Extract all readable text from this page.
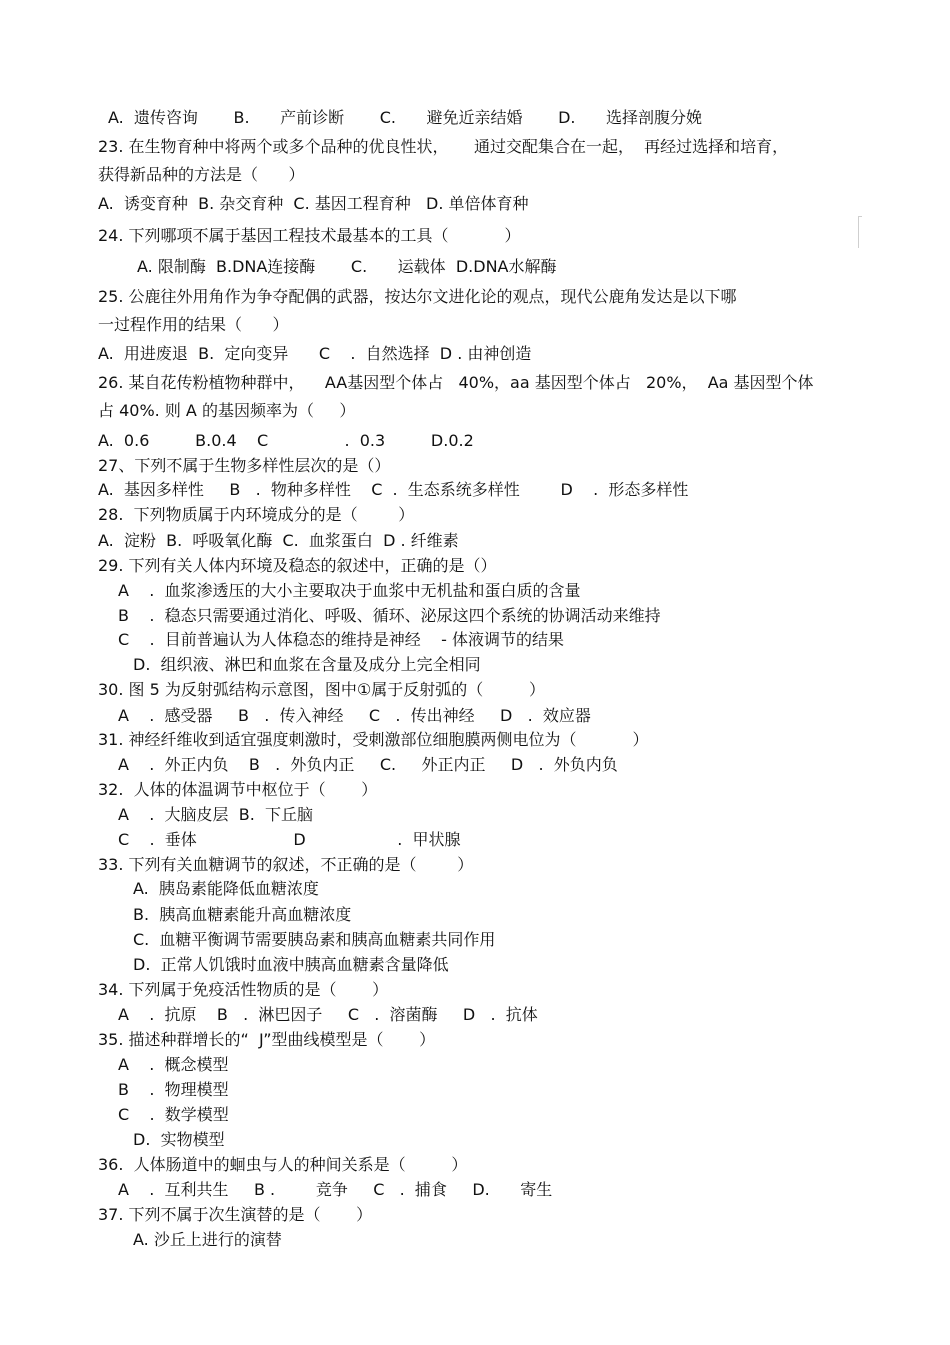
A.  遗传咨询       B.      产前诊断       C.      避免近亲结婚       D.      选择剖腹分娩
23. 在生物育种中将两个或多个品种的优良性状，     通过交配集合在一起，  再经过选择和培育，
获得新品种的方法是（      ）
A.  诱变育种  B. 杂交育种  C. 基因工程育种   D. 单倍体育种
24. 下列哪项不属于基因工程技术最基本的工具（           ）
A. 限制酶  B.DNA连接酶       C.      运载体  D.DNA水解酶
25. 公鹿往外用角作为争夺配偶的武器，按达尔文进化论的观点，现代公鹿角发达是以下哪
一过程作用的结果（      ）
A.  用进废退  B.  定向变异      C    .  自然选择  D . 由神创造
26. 某自花传粉植物种群中，    AA基因型个体占   40%，aa 基因型个体占   20%，  Aa 基因型个体
占 40%. 则 A 的基因频率为（     ）
A.  0.6         B.0.4    C               .  0.3         D.0.2
27、下列不属于生物多样性层次的是（）
A.  基因多样性     B   .  物种多样性    C  .  生态系统多样性        D    .  形态多样性
28.  下列物质属于内环境成分的是（        ）
A.  淀粉  B.  呼吸氧化酶  C.  血浆蛋白  D . 纤维素
29. 下列有关人体内环境及稳态的叙述中，正确的是（）
A    .  血浆渗透压的大小主要取决于血浆中无机盐和蛋白质的含量
B    .  稳态只需要通过消化、呼吸、循环、泌尿这四个系统的协调活动来维持
C    .  目前普遍认为人体稳态的维持是神经    - 体液调节的结果
D.  组织液、淋巴和血浆在含量及成分上完全相同
30. 图 5 为反射弧结构示意图，图中①属于反射弧的（         ）
A    .  感受器     B   .  传入神经     C   .  传出神经     D   .  效应器
31. 神经纤维收到适宜强度刺激时，受刺激部位细胞膜两侧电位为（           ）
A    .  外正内负    B   .  外负内正     C.     外正内正     D   .  外负内负
32.  人体的体温调节中枢位于（       ）
A    .  大脑皮层  B.  下丘脑
C    .  垂体                   D                  .  甲状腺
33. 下列有关血糖调节的叙述，不正确的是（        ）
A.  胰岛素能降低血糖浓度
B.  胰高血糖素能升高血糖浓度
C.  血糖平衡调节需要胰岛素和胰高血糖素共同作用
D.  正常人饥饿时血液中胰高血糖素含量降低
34. 下列属于免疫活性物质的是（       ）
A    .  抗原    B   .  淋巴因子     C   .  溶菌酶     D   .  抗体
35. 描述种群增长的“  J”型曲线模型是（       ）
A    .  概念模型
B    .  物理模型
C    .  数学模型
D.  实物模型
36.  人体肠道中的蛔虫与人的种间关系是（         ）
A    .  互利共生     B .        竞争     C   .  捕食     D.      寄生
37. 下列不属于次生演替的是（       ）
A. 沙丘上进行的演替
